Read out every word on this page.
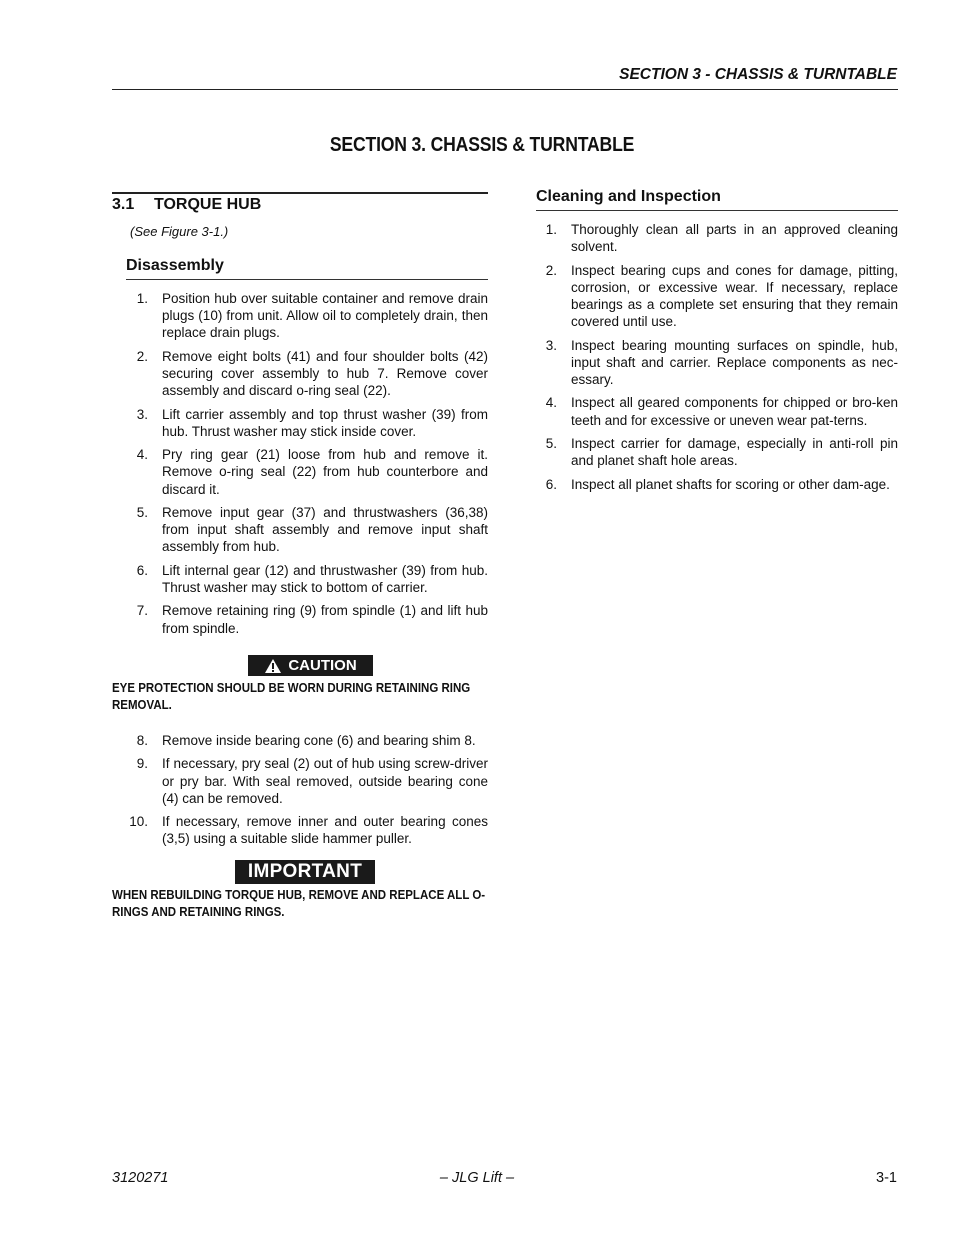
SECTION 3 - CHASSIS & TURNTABLE
SECTION 3. CHASSIS & TURNTABLE
3.1 TORQUE HUB
(See Figure 3-1.)
Disassembly
1. Position hub over suitable container and remove drain plugs (10) from unit. Allow oil to completely drain, then replace drain plugs.
2. Remove eight bolts (41) and four shoulder bolts (42) securing cover assembly to hub 7. Remove cover assembly and discard o-ring seal (22).
3. Lift carrier assembly and top thrust washer (39) from hub. Thrust washer may stick inside cover.
4. Pry ring gear (21) loose from hub and remove it. Remove o-ring seal (22) from hub counterbore and discard it.
5. Remove input gear (37) and thrustwashers (36,38) from input shaft assembly and remove input shaft assembly from hub.
6. Lift internal gear (12) and thrustwasher (39) from hub. Thrust washer may stick to bottom of carrier.
7. Remove retaining ring (9) from spindle (1) and lift hub from spindle.
CAUTION
EYE PROTECTION SHOULD BE WORN DURING RETAINING RING REMOVAL.
8. Remove inside bearing cone (6) and bearing shim 8.
9. If necessary, pry seal (2) out of hub using screw-driver or pry bar. With seal removed, outside bearing cone (4) can be removed.
10. If necessary, remove inner and outer bearing cones (3,5) using a suitable slide hammer puller.
IMPORTANT
WHEN REBUILDING TORQUE HUB, REMOVE AND REPLACE ALL O-RINGS AND RETAINING RINGS.
Cleaning and Inspection
1. Thoroughly clean all parts in an approved cleaning solvent.
2. Inspect bearing cups and cones for damage, pitting, corrosion, or excessive wear. If necessary, replace bearings as a complete set ensuring that they remain covered until use.
3. Inspect bearing mounting surfaces on spindle, hub, input shaft and carrier. Replace components as nec-essary.
4. Inspect all geared components for chipped or bro-ken teeth and for excessive or uneven wear pat-terns.
5. Inspect carrier for damage, especially in anti-roll pin and planet shaft hole areas.
6. Inspect all planet shafts for scoring or other dam-age.
3120271	– JLG Lift –	3-1
